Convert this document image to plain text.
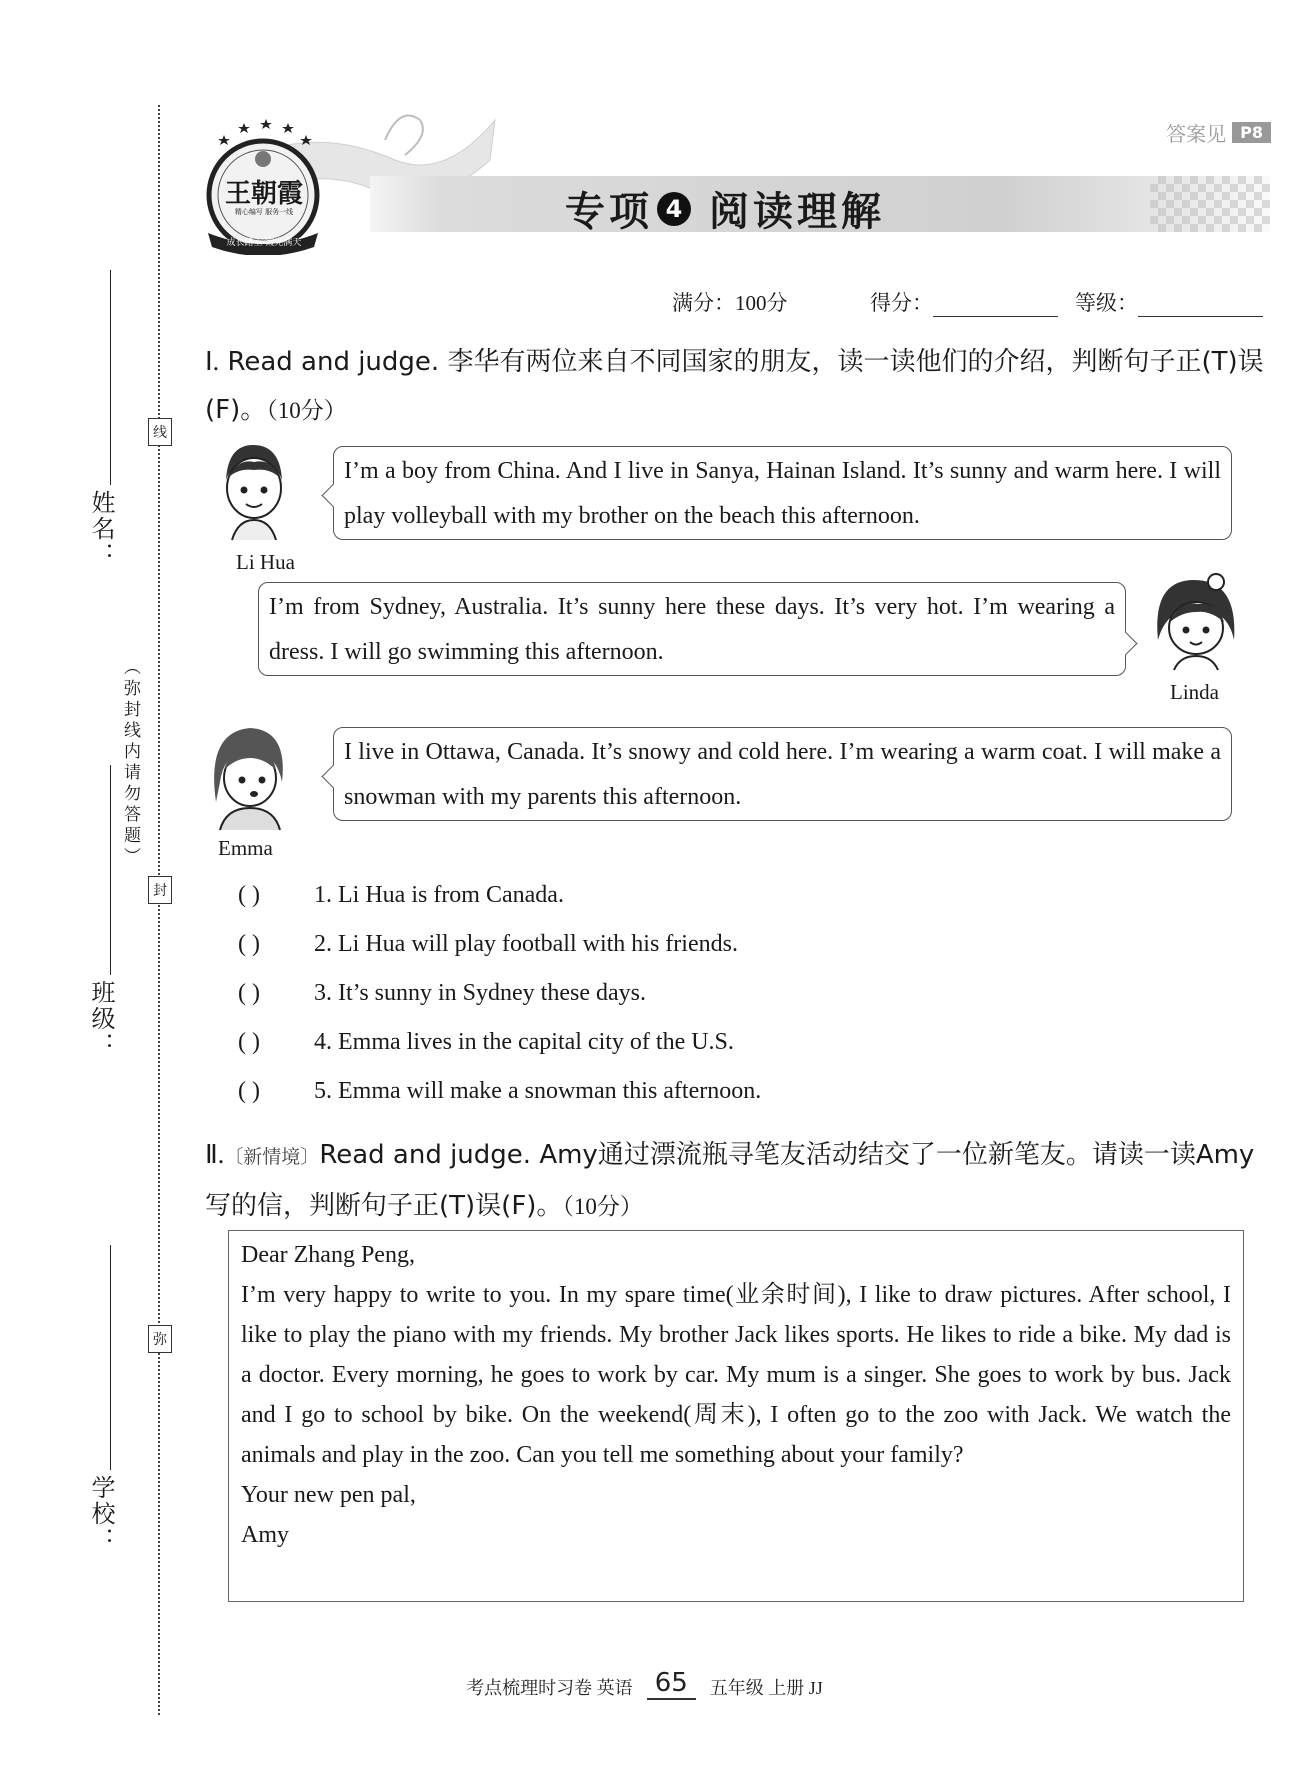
线
封
弥
姓名：
班级：
学校：
（弥封线内请勿答题）
王朝霞
精心编写 服务一线
成长路上 霞光满天
答案见 P8
专项 4 阅读理解
满分：100分	得分：	等级：
Ⅰ. Read and judge. 李华有两位来自不同国家的朋友，读一读他们的介绍，判断句子正(T)误(F)。（10分）
Li Hua
I’m a boy from China. And I live in Sanya, Hainan Island. It’s sunny and warm here. I will play volleyball with my brother on the beach this afternoon.
I’m from Sydney, Australia. It’s sunny here these days. It’s very hot. I’m wearing a dress. I will go swimming this afternoon.
Linda
Emma
I live in Ottawa, Canada. It’s snowy and cold here. I’m wearing a warm coat. I will make a snowman with my parents this afternoon.
( )	1. Li Hua is from Canada.
( )	2. Li Hua will play football with his friends.
( )	3. It’s sunny in Sydney these days.
( )	4. Emma lives in the capital city of the U.S.
( )	5. Emma will make a snowman this afternoon.
Ⅱ.〔新情境〕Read and judge. Amy通过漂流瓶寻笔友活动结交了一位新笔友。请读一读Amy写的信，判断句子正(T)误(F)。（10分）

Dear Zhang Peng,

I’m very happy to write to you. In my spare time(业余时间), I like to draw pictures. After school, I like to play the piano with my friends. My brother Jack likes sports. He likes to ride a bike. My dad is a doctor. Every morning, he goes to work by car. My mum is a singer. She goes to work by bus. Jack and I go to school by bike. On the weekend(周末), I often go to the zoo with Jack. We watch the animals and play in the zoo. Can you tell me something about your family?

Your new pen pal,

Amy

考点梳理时习卷 英语 65	五年级 上册 JJ
